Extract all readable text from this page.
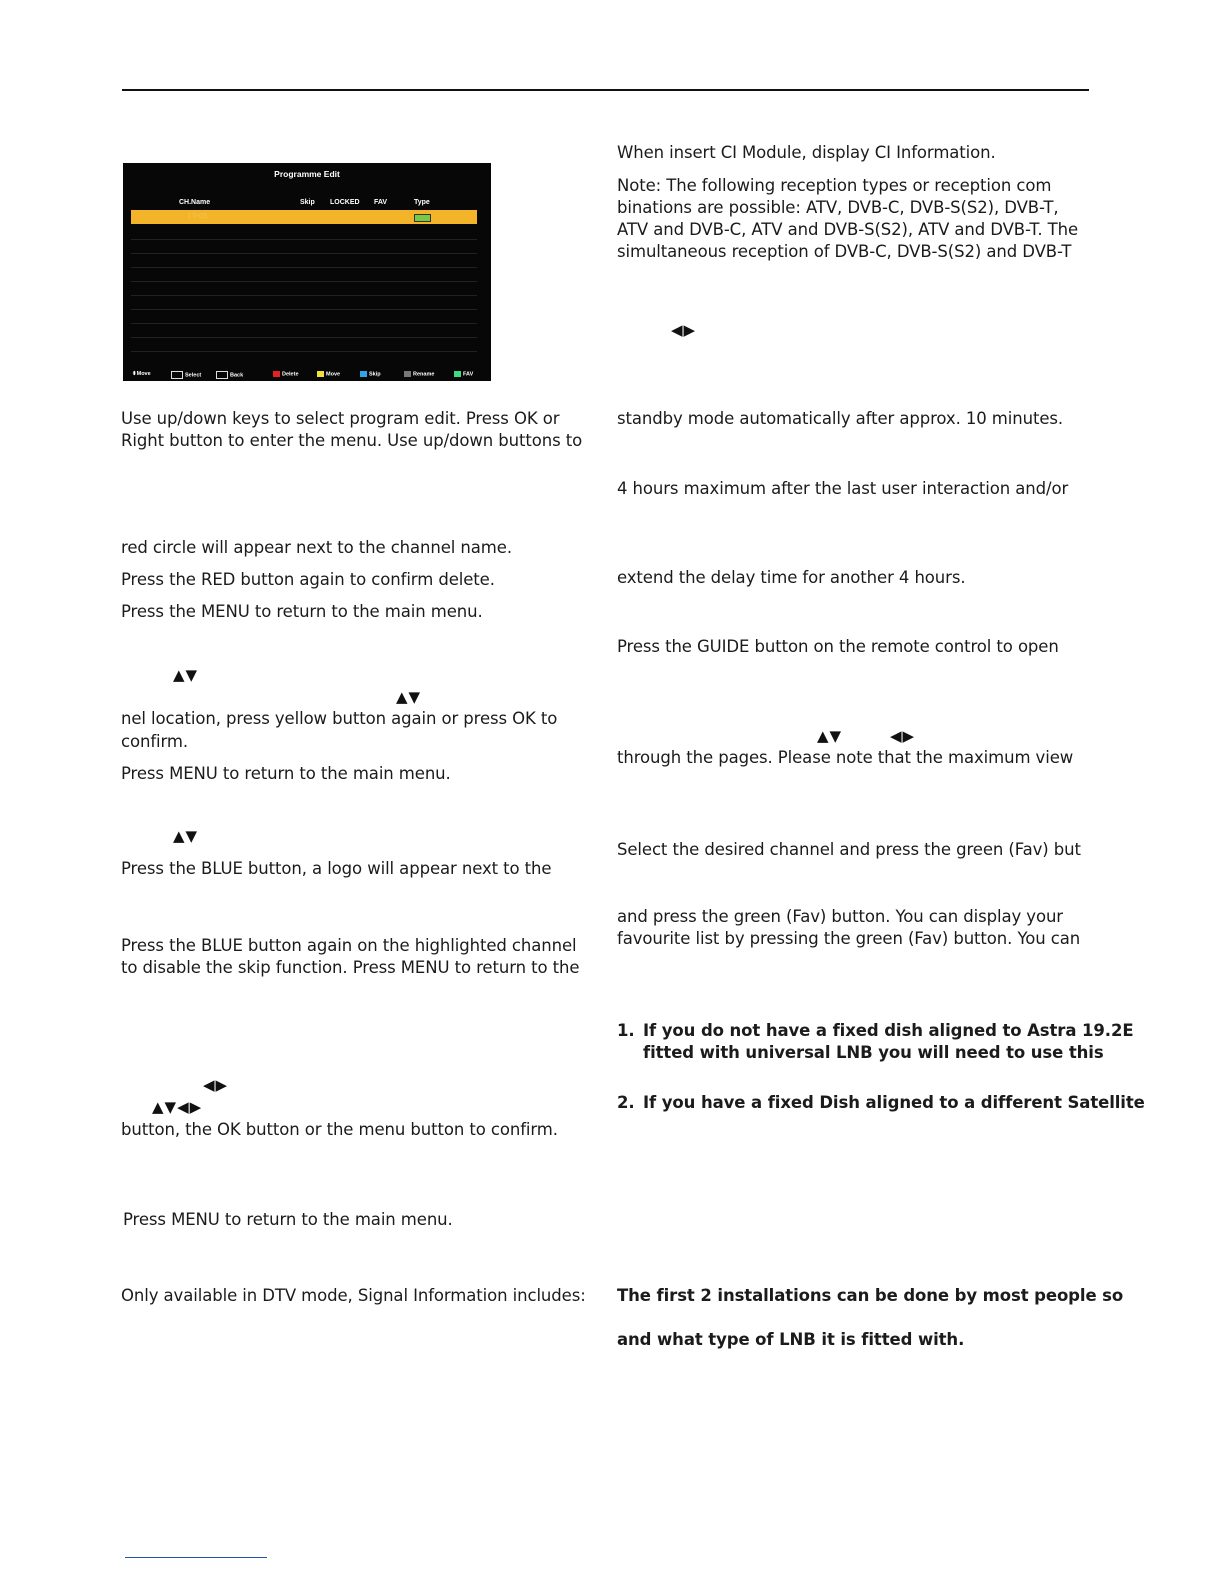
Programme Edit
CH.Name	Skip LOCKED FAV	Type
1 0-03
⬍Move	Select	Back	Delete	Move	Skip	Rename	FAV
Use up/down keys to select program edit. Press OK or
Right button to enter the menu. Use up/down buttons to
red circle will appear next to the channel name.
Press the RED button again to confirm delete.
Press the MENU to return to the main menu.
▲▼
▲▼
nel location, press yellow button again or press OK to
confirm.
Press MENU to return to the main menu.
▲▼
Press the BLUE button, a logo will appear next to the
Press the BLUE button again on the highlighted channel
to disable the skip function. Press MENU to return to the
◀▶
▲▼◀▶
button, the OK button or the menu button to confirm.
Press MENU to return to the main menu.
Only available in DTV mode, Signal Information includes:
When insert CI Module, display CI Information.
Note: The following reception types or reception com
binations are possible: ATV, DVB-C, DVB-S(S2), DVB-T,
ATV and DVB-C, ATV and DVB-S(S2), ATV and DVB-T. The
simultaneous reception of DVB-C, DVB-S(S2) and DVB-T
◀▶
standby mode automatically after approx. 10 minutes.
4 hours maximum after the last user interaction and/or
extend the delay time for another 4 hours.
Press the GUIDE button on the remote control to open
▲▼	◀▶
through the pages. Please note that the maximum view
Select the desired channel and press the green (Fav) but
and press the green (Fav) button. You can display your
favourite list by pressing the green (Fav) button. You can
1. If you do not have a fixed dish aligned to Astra 19.2E
fitted with universal LNB you will need to use this
2. If you have a fixed Dish aligned to a different Satellite
The first 2 installations can be done by most people so
and what type of LNB it is fitted with.
